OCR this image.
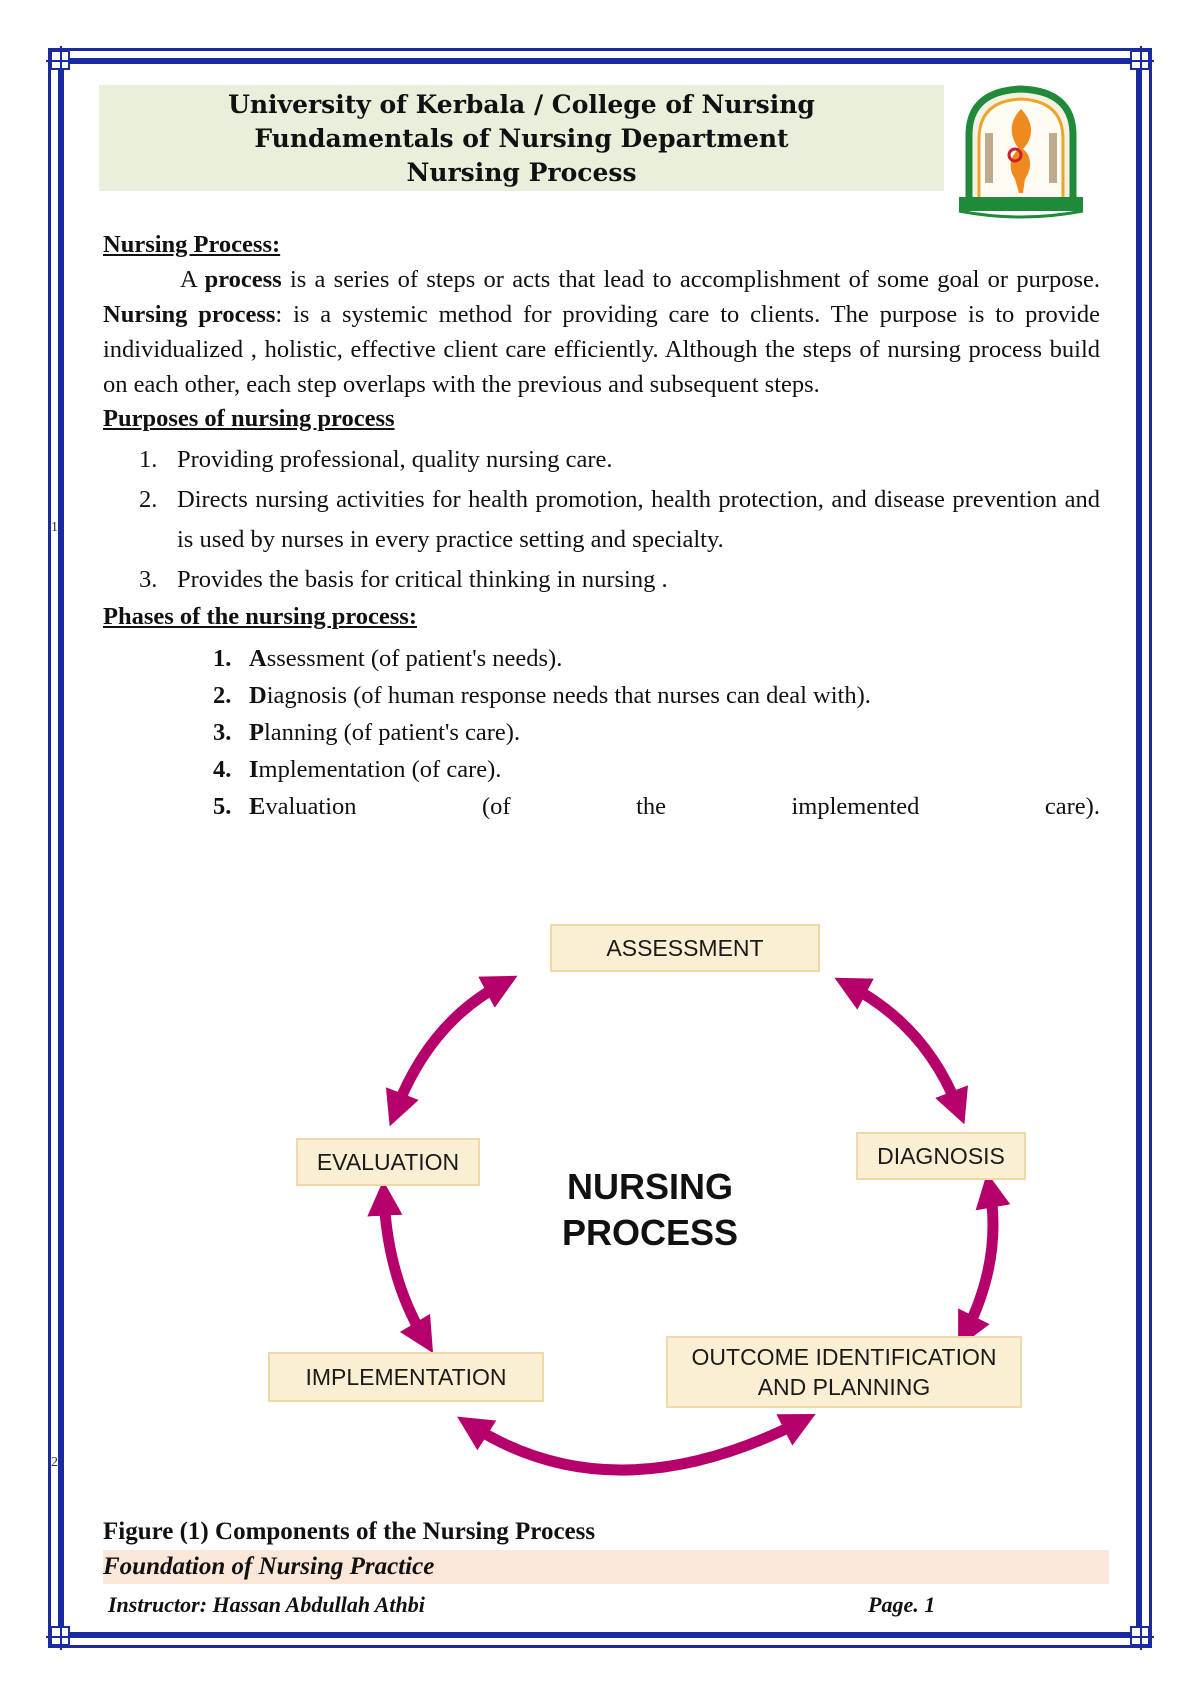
University of Kerbala / College of Nursing
Fundamentals of Nursing Department
Nursing Process
1
2
Nursing Process:
A process is a series of steps or acts that lead to accomplishment of some goal or purpose. Nursing process: is a systemic method for providing care to clients. The purpose is to provide individualized , holistic, effective client care efficiently. Although the steps of nursing process build on each other, each step overlaps with the previous and subsequent steps.
Purposes of nursing process
1. Providing professional, quality nursing care.
2. Directs nursing activities for health promotion, health protection, and disease prevention and is used by nurses in every practice setting and specialty.
3. Provides the basis for critical thinking in nursing .
Phases of the nursing process:
1. Assessment (of patient's needs).
2. Diagnosis (of human response needs that nurses can deal with).
3. Planning (of patient's care).
4. Implementation (of care).
5. Evaluation	(of	the	implemented	care).
ASSESSMENT
DIAGNOSIS
EVALUATION
OUTCOME IDENTIFICATION
AND PLANNING
IMPLEMENTATION
NURSING
PROCESS
Figure (1) Components of the Nursing Process
Foundation of Nursing Practice
Instructor: Hassan Abdullah Athbi	Page. 1
